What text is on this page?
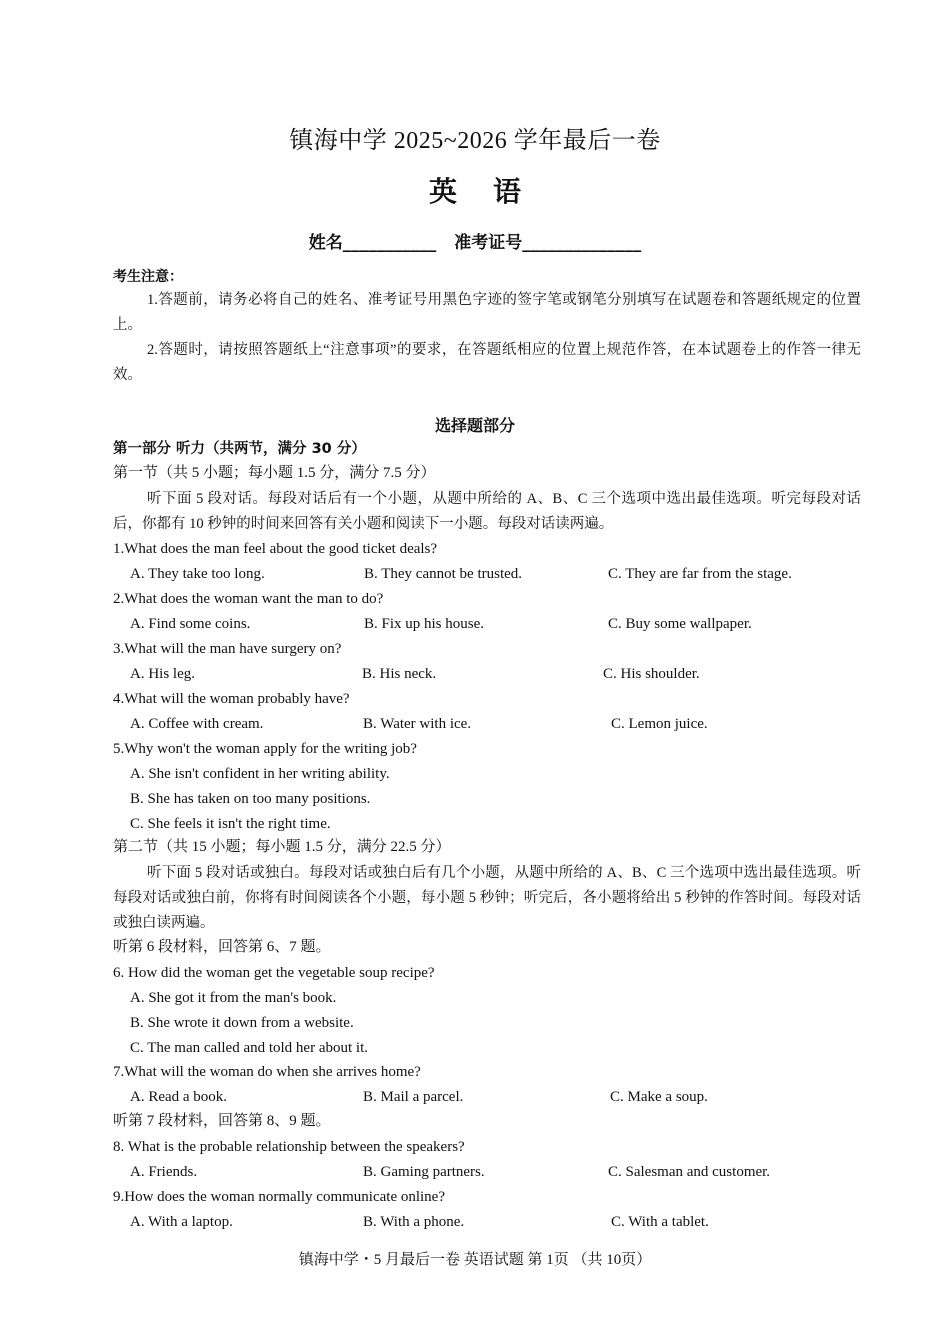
镇海中学 2025~2026 学年最后一卷
英语
姓名___________ 准考证号______________
考生注意：
1.答题前，请务必将自己的姓名、准考证号用黑色字迹的签字笔或钢笔分别填写在试题卷和答题纸规定的位置上。
2.答题时，请按照答题纸上“注意事项”的要求，在答题纸相应的位置上规范作答，在本试题卷上的作答一律无效。
选择题部分
第一部分 听力（共两节，满分 30 分）
第一节（共 5 小题；每小题 1.5 分，满分 7.5 分）
听下面 5 段对话。每段对话后有一个小题，从题中所给的 A、B、C 三个选项中选出最佳选项。听完每段对话后，你都有 10 秒钟的时间来回答有关小题和阅读下一小题。每段对话读两遍。
1.What does the man feel about the good ticket deals?
A. They take too long.	B. They cannot be trusted.	C. They are far from the stage.
2.What does the woman want the man to do?
A. Find some coins.	B. Fix up his house.	C. Buy some wallpaper.
3.What will the man have surgery on?
A. His leg.	B. His neck.	C. His shoulder.
4.What will the woman probably have?
A. Coffee with cream.	B. Water with ice.	C. Lemon juice.
5.Why won't the woman apply for the writing job?
A. She isn't confident in her writing ability.
B. She has taken on too many positions.
C. She feels it isn't the right time.
第二节（共 15 小题；每小题 1.5 分，满分 22.5 分）
听下面 5 段对话或独白。每段对话或独白后有几个小题，从题中所给的 A、B、C 三个选项中选出最佳选项。听每段对话或独白前，你将有时间阅读各个小题，每小题 5 秒钟；听完后，各小题将给出 5 秒钟的作答时间。每段对话或独白读两遍。
听第 6 段材料，回答第 6、7 题。
6. How did the woman get the vegetable soup recipe?
A. She got it from the man's book.
B. She wrote it down from a website.
C. The man called and told her about it.
7.What will the woman do when she arrives home?
A. Read a book.	B. Mail a parcel.	C. Make a soup.
听第 7 段材料，回答第 8、9 题。
8. What is the probable relationship between the speakers?
A. Friends.	B. Gaming partners.	C. Salesman and customer.
9.How does the woman normally communicate online?
A. With a laptop.	B. With a phone.	C. With a tablet.
镇海中学・5 月最后一卷 英语试题 第 1页 （共 10页）
